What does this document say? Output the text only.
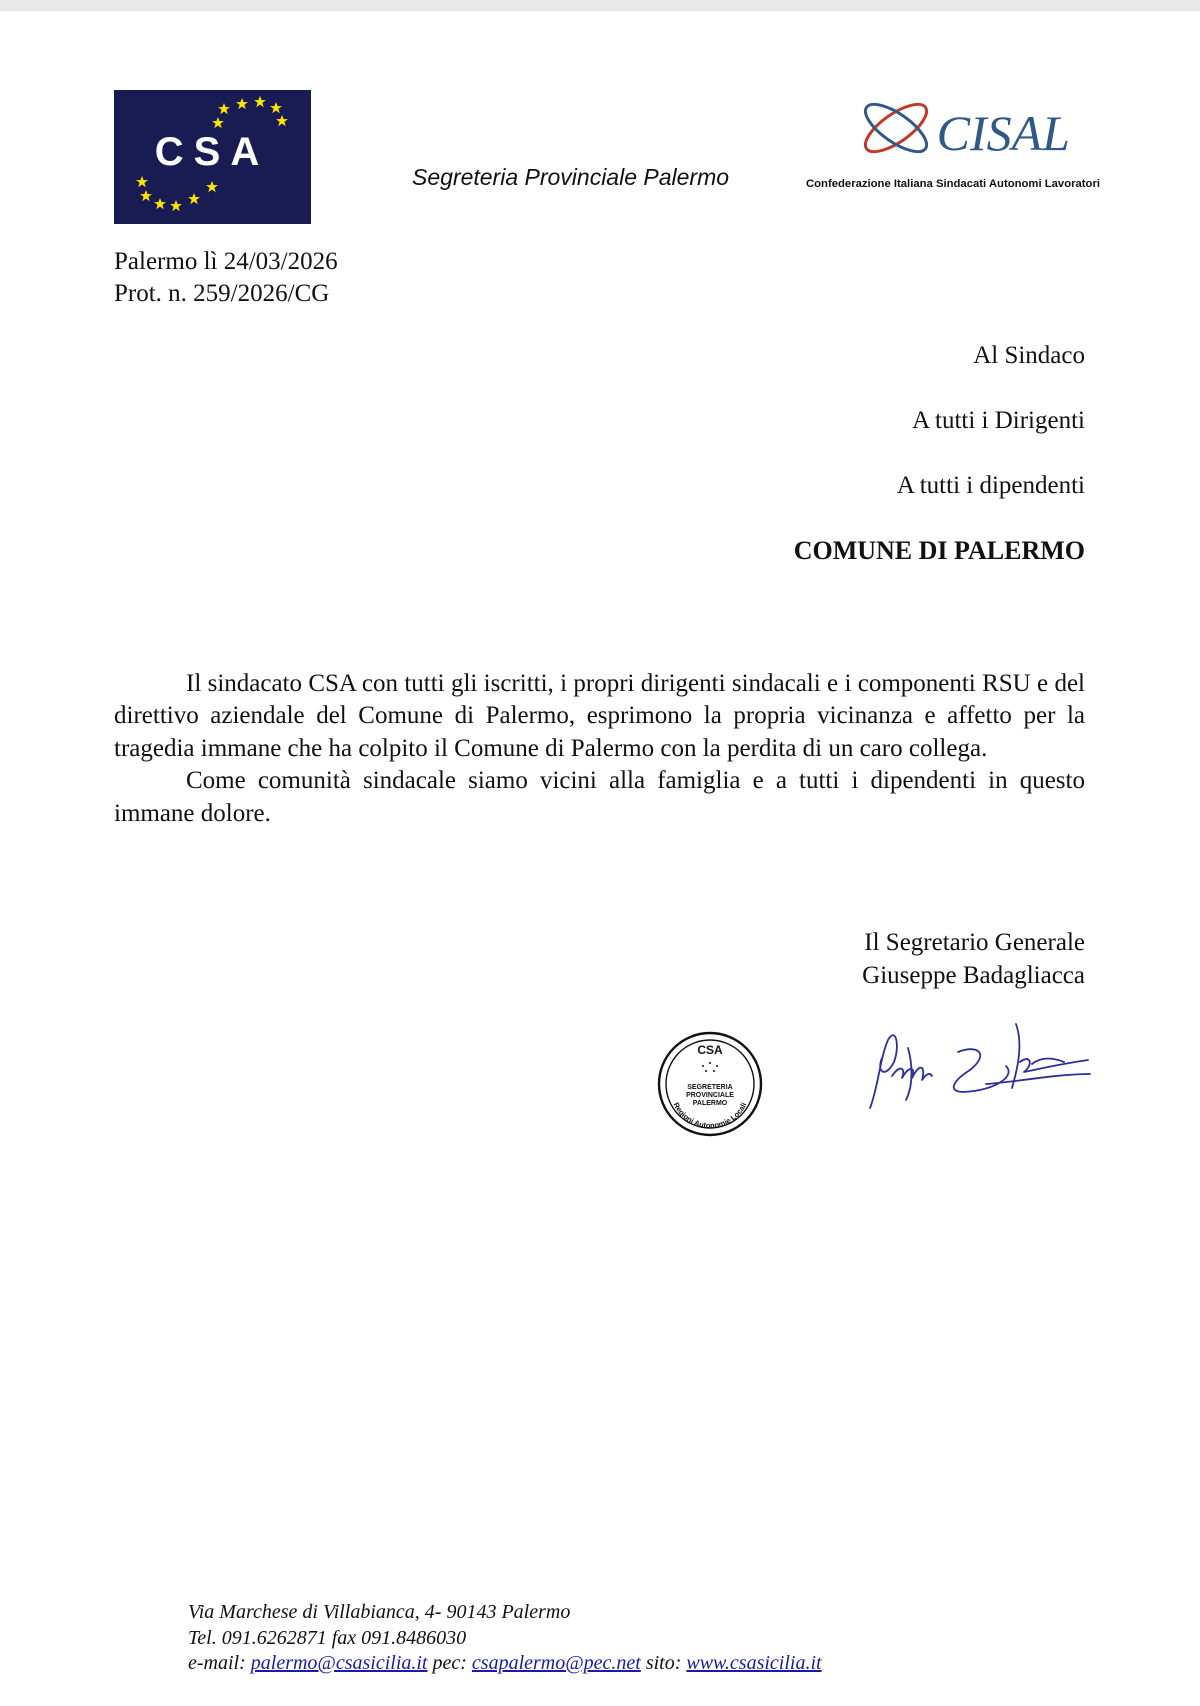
CSA
Segreteria Provinciale Palermo
CISAL
Confederazione Italiana Sindacati Autonomi Lavoratori
Palermo lì 24/03/2026
Prot. n. 259/2026/CG
Al Sindaco
A tutti i Dirigenti
A tutti i dipendenti
COMUNE DI PALERMO

Il sindacato CSA con tutti gli iscritti, i propri dirigenti sindacali e i componenti RSU e del direttivo aziendale del Comune di Palermo, esprimono la propria vicinanza e affetto per la tragedia immane che ha colpito il Comune di Palermo con la perdita di un caro collega.

Come comunità sindacale siamo vicini alla famiglia e a tutti i dipendenti in questo immane dolore.

Il Segretario Generale
Giuseppe Badagliacca
CSA
SEGRETERIA
PROVINCIALE
PALERMO
Regioni Autonomie Locali
Via Marchese di Villabianca, 4- 90143 Palermo
Tel. 091.6262871 fax 091.8486030
e-mail: palermo@csasicilia.it pec: csapalermo@pec.net sito: www.csasicilia.it
